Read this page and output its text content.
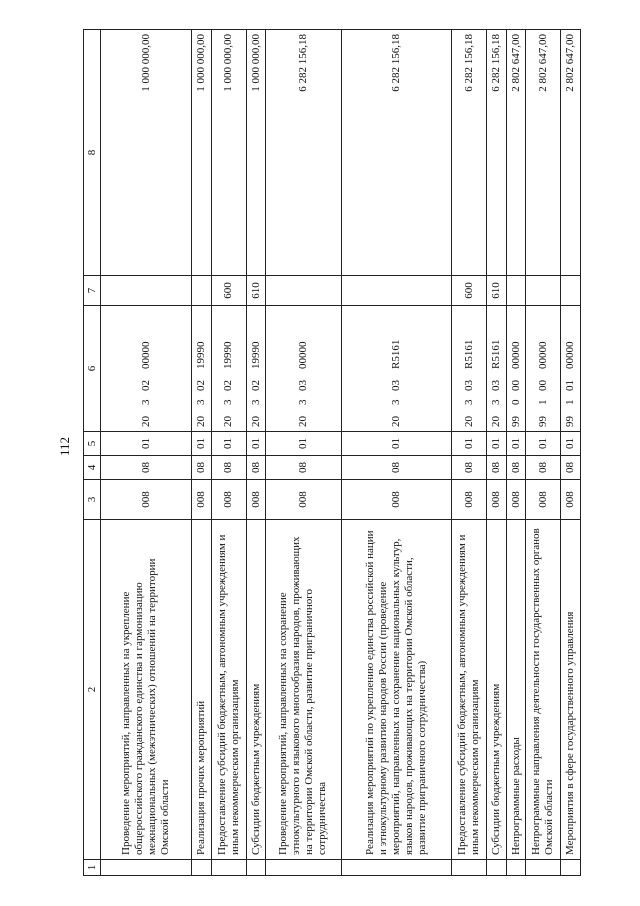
112
1	2	3	4	5	6	7	8
	Проведение мероприятий, направленных на укрепление общероссийского гражданского единства и гармонизацию межнациональных (межэтнических) отношений на территории Омской области	008	08	01	2030200000		1 000 000,00
	Реализация прочих мероприятий	008	08	01	2030219990		1 000 000,00
	Предоставление субсидий бюджетным, автономным учреждениям и иным некоммерческим организациям	008	08	01	2030219990	600	1 000 000,00
	Субсидии бюджетным учреждениям	008	08	01	2030219990	610	1 000 000,00
	Проведение мероприятий, направленных на сохранение этнокультурного и языкового многообразия народов, проживающих на территории Омской области, развитие приграничного сотрудничества	008	08	01	2030300000		6 282 156,18
	Реализация мероприятий по укреплению единства российской нации и этнокультурному развитию народов России (проведение мероприятий, направленных на сохранение национальных культур, языков народов, проживающих на территории Омской области, развитие приграничного сотрудничества)	008	08	01	20303R5161		6 282 156,18
	Предоставление субсидий бюджетным, автономным учреждениям и иным некоммерческим организациям	008	08	01	20303R5161	600	6 282 156,18
	Субсидии бюджетным учреждениям	008	08	01	20303R5161	610	6 282 156,18
	Непрограммные расходы	008	08	01	9900000000		2 802 647,00
	Непрограммные направления деятельности государственных органов Омской области	008	08	01	9910000000		2 802 647,00
	Мероприятия в сфере государственного управления	008	08	01	9910100000		2 802 647,00
